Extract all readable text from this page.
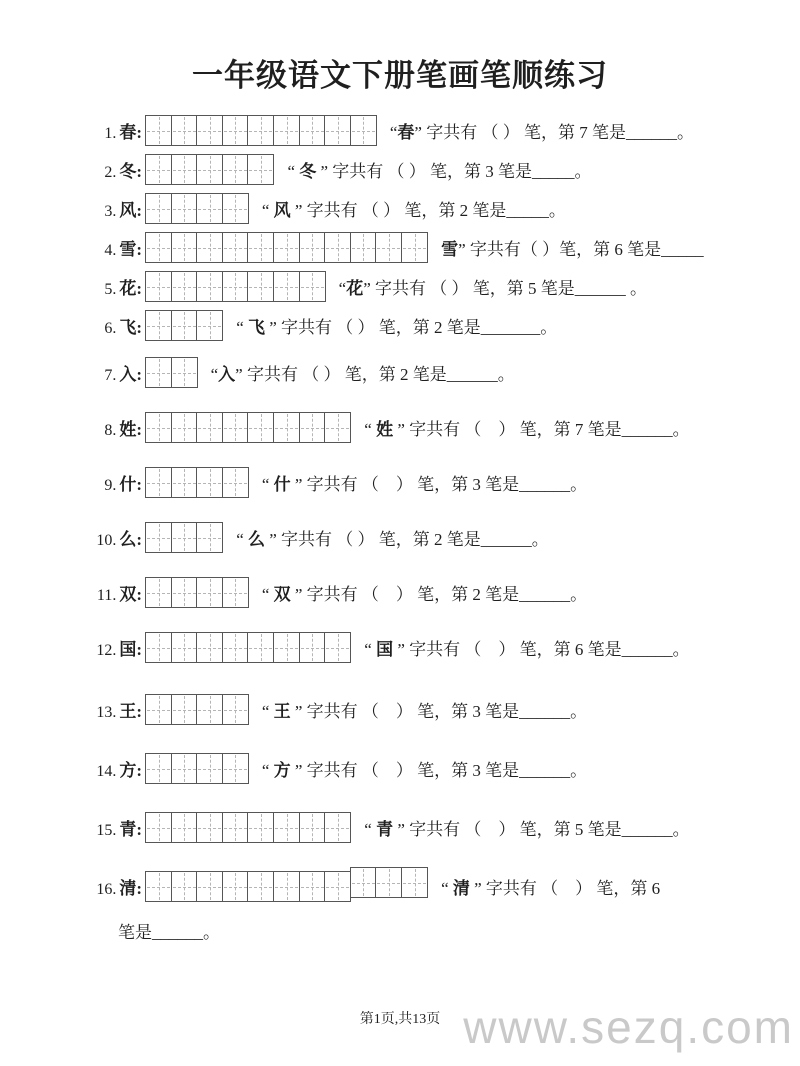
一年级语文下册笔画笔顺练习
1. 春:	“春” 字共有 （ ） 笔，第 7 笔是______。
2. 冬:	“ 冬 ” 字共有 （ ） 笔，第 3 笔是_____。
3. 风:	“ 风 ” 字共有 （ ） 笔，第 2 笔是_____。
4. 雪:	雪” 字共有（ ）笔，第 6 笔是_____
5. 花:	“花” 字共有 （ ） 笔，第 5 笔是______ 。
6. 飞:	“ 飞 ” 字共有 （ ） 笔，第 2 笔是_______。
7. 入:	“入” 字共有 （ ） 笔，第 2 笔是______。
8. 姓:	“ 姓 ” 字共有 （　） 笔，第 7 笔是______。
9. 什:	“ 什 ” 字共有 （　） 笔，第 3 笔是______。
10. 么:	“ 么 ” 字共有 （ ） 笔，第 2 笔是______。
11. 双:	“ 双 ” 字共有 （　） 笔，第 2 笔是______。
12. 国:	“ 国 ” 字共有 （　） 笔，第 6 笔是______。
13. 王:	“ 王 ” 字共有 （　） 笔，第 3 笔是______。
14. 方:	“ 方 ” 字共有 （　） 笔，第 3 笔是______。
15. 青:	“ 青 ” 字共有 （　） 笔，第 5 笔是______。
16. 清:	“ 清 ” 字共有 （　） 笔，第 6
笔是______。
第1页,共13页 www.sezq.com
